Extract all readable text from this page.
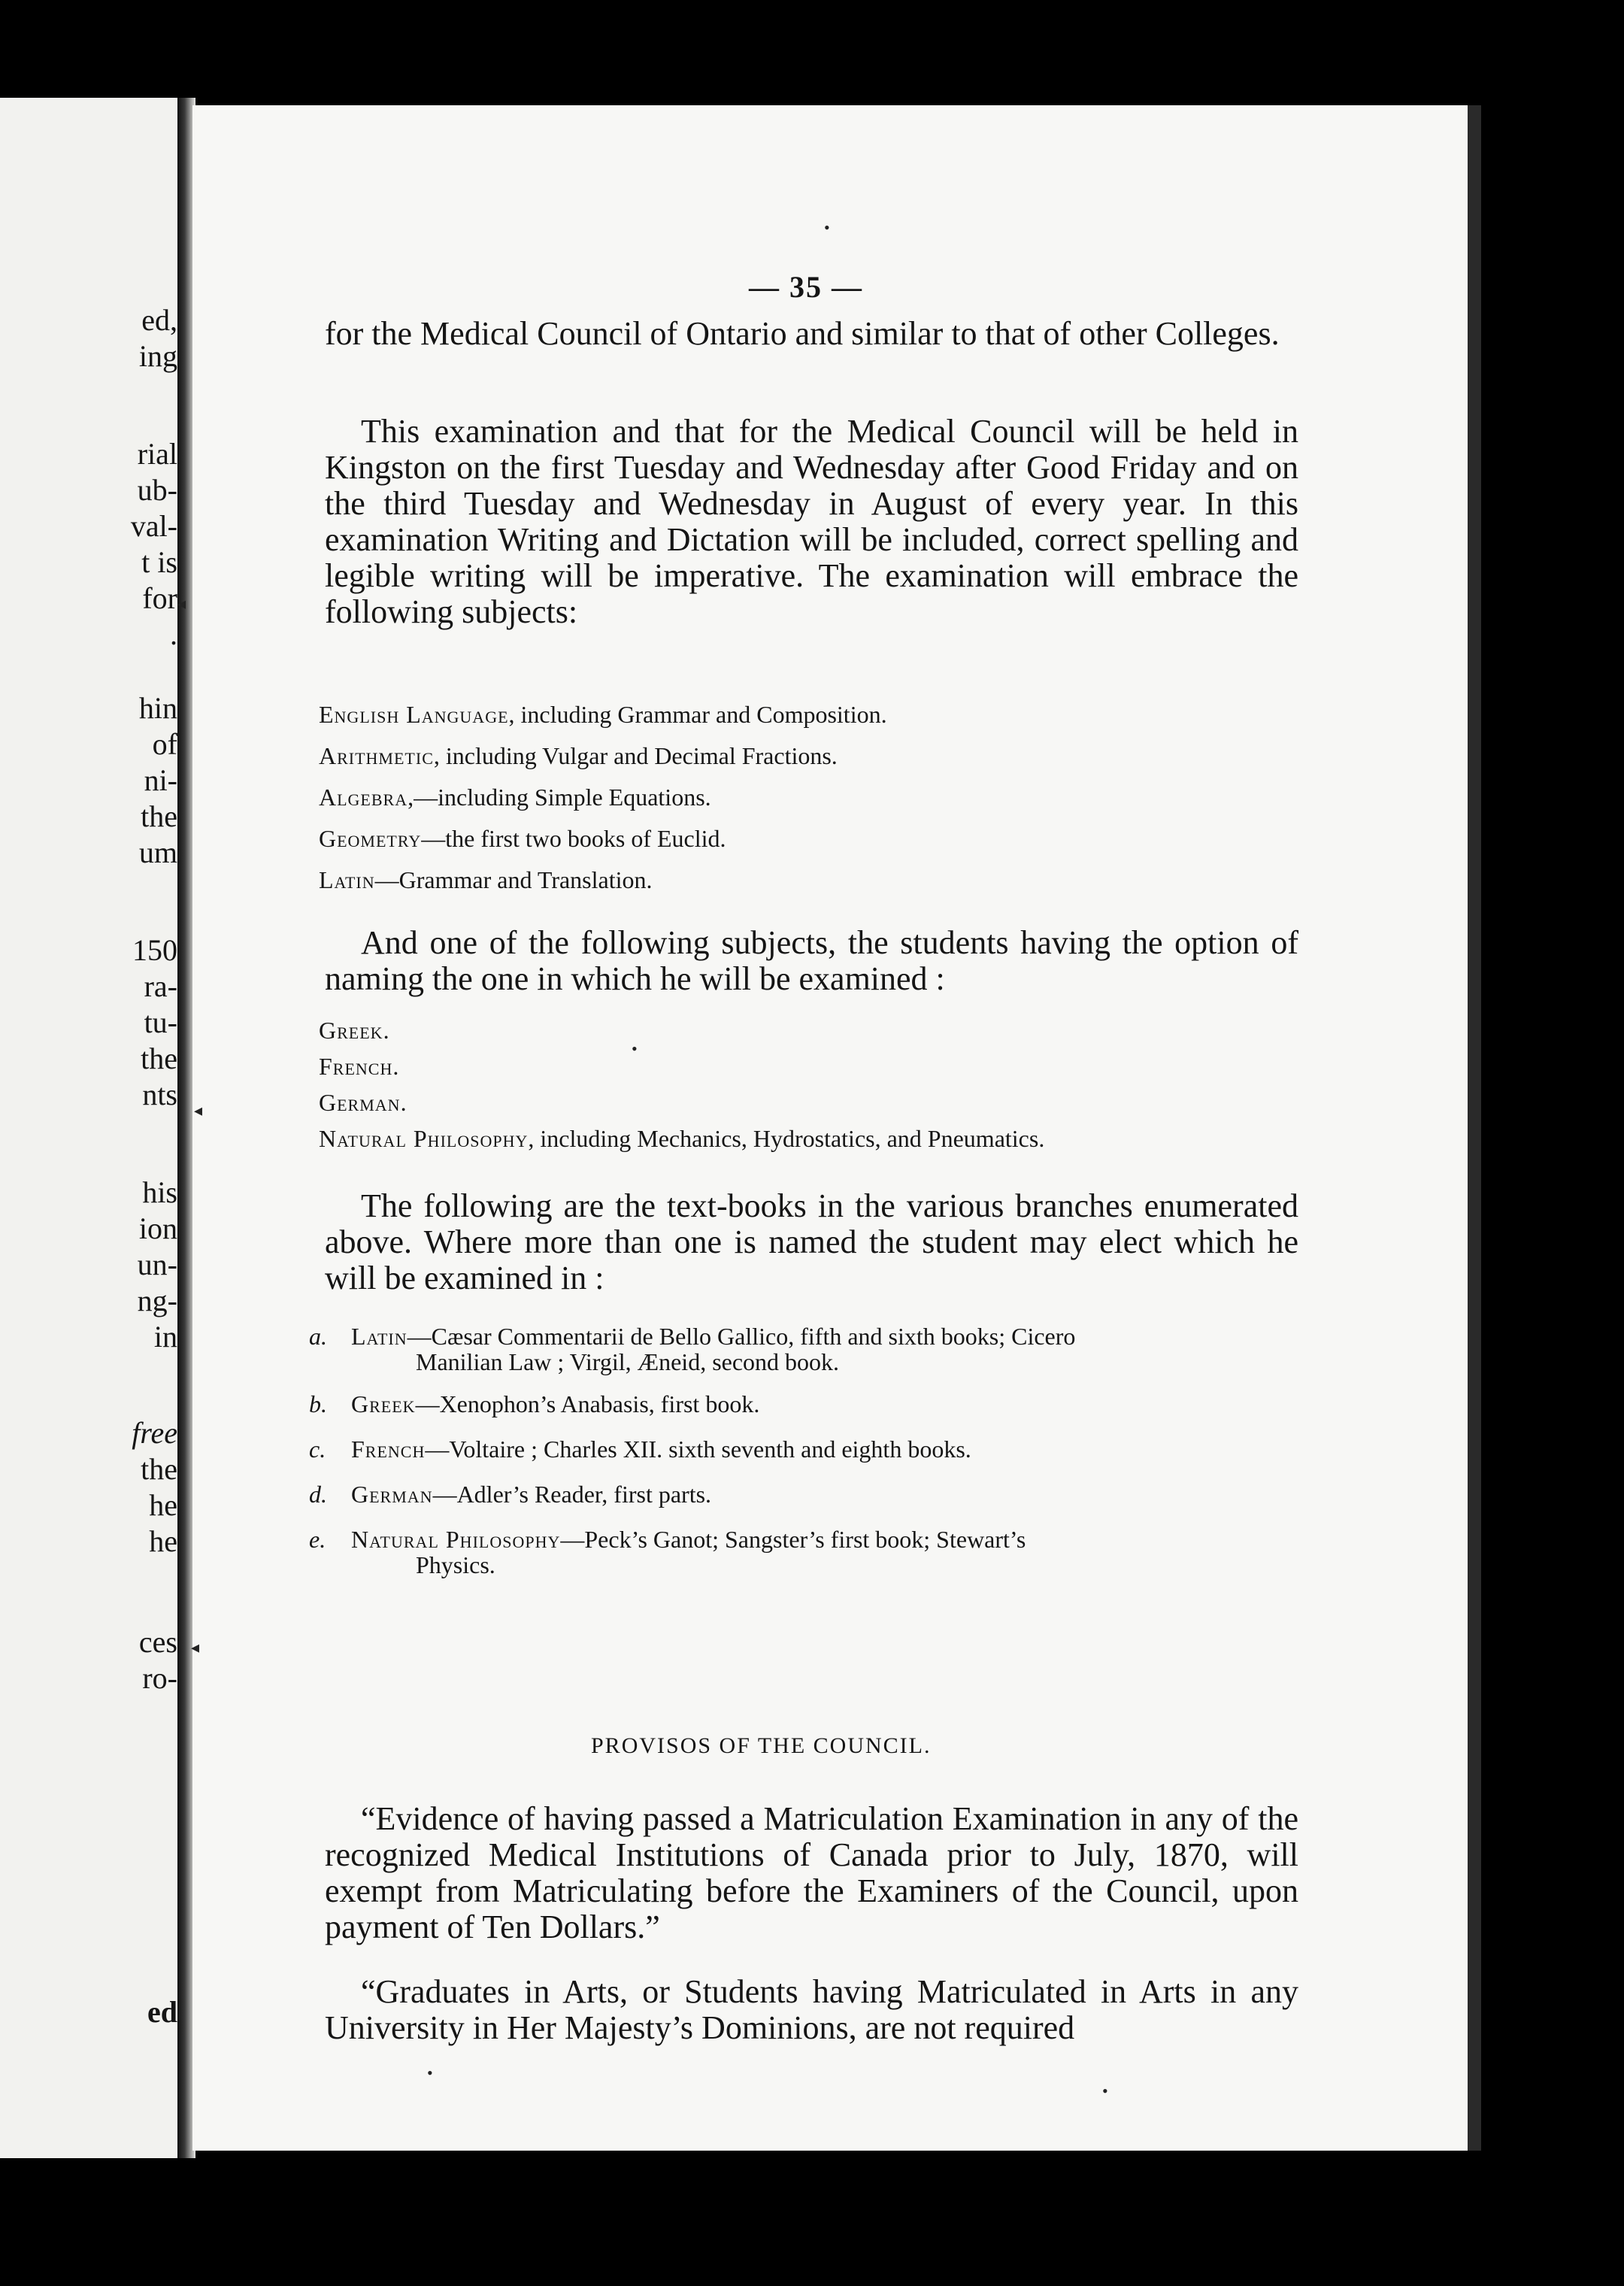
ed,

ing

rial

ub-

val-

t is

for

.

hin

of

ni-

the

um

150

ra-

tu-

the

nts

his

ion

un-

ng-

in

free

the

he

he

ces

ro-

ed

— 35 —

for the Medical Council of Ontario and similar to that of other Colleges.

This examination and that for the Medical Council will be held in Kingston on the first Tuesday and Wednesday after Good Friday and on the third Tuesday and Wednesday in August of every year. In this examination Writing and Dictation will be included, correct spelling and legible writing will be imperative. The examination will embrace the following subjects:

English Language, including Grammar and Composition.

Arithmetic, including Vulgar and Decimal Fractions.

Algebra,—including Simple Equations.

Geometry—the first two books of Euclid.

Latin—Grammar and Translation.

And one of the following subjects, the students having the option of naming the one in which he will be examined :

Greek.

French.

German.

Natural Philosophy, including Mechanics, Hydrostatics, and Pneumatics.

The following are the text-books in the various branches enumerated above. Where more than one is named the student may elect which he will be examined in :

a. Latin—Cæsar Commentarii de Bello Gallico, fifth and sixth books; Cicero
Manilian Law ; Virgil, Æneid, second book.

b. Greek—Xenophon’s Anabasis, first book.

c. French—Voltaire ; Charles XII. sixth seventh and eighth books.

d. German—Adler’s Reader, first parts.

e. Natural Philosophy—Peck’s Ganot; Sangster’s first book; Stewart’s
Physics.

PROVISOS OF THE COUNCIL.

“Evidence of having passed a Matriculation Examination in any of the recognized Medical Institutions of Canada prior to July, 1870, will exempt from Matriculating before the Examiners of the Council, upon payment of Ten Dollars.”

“Graduates in Arts, or Students having Matriculated in Arts in any University in Her Majesty’s Dominions, are not required

•
◂
◂
•
◂
•
•
